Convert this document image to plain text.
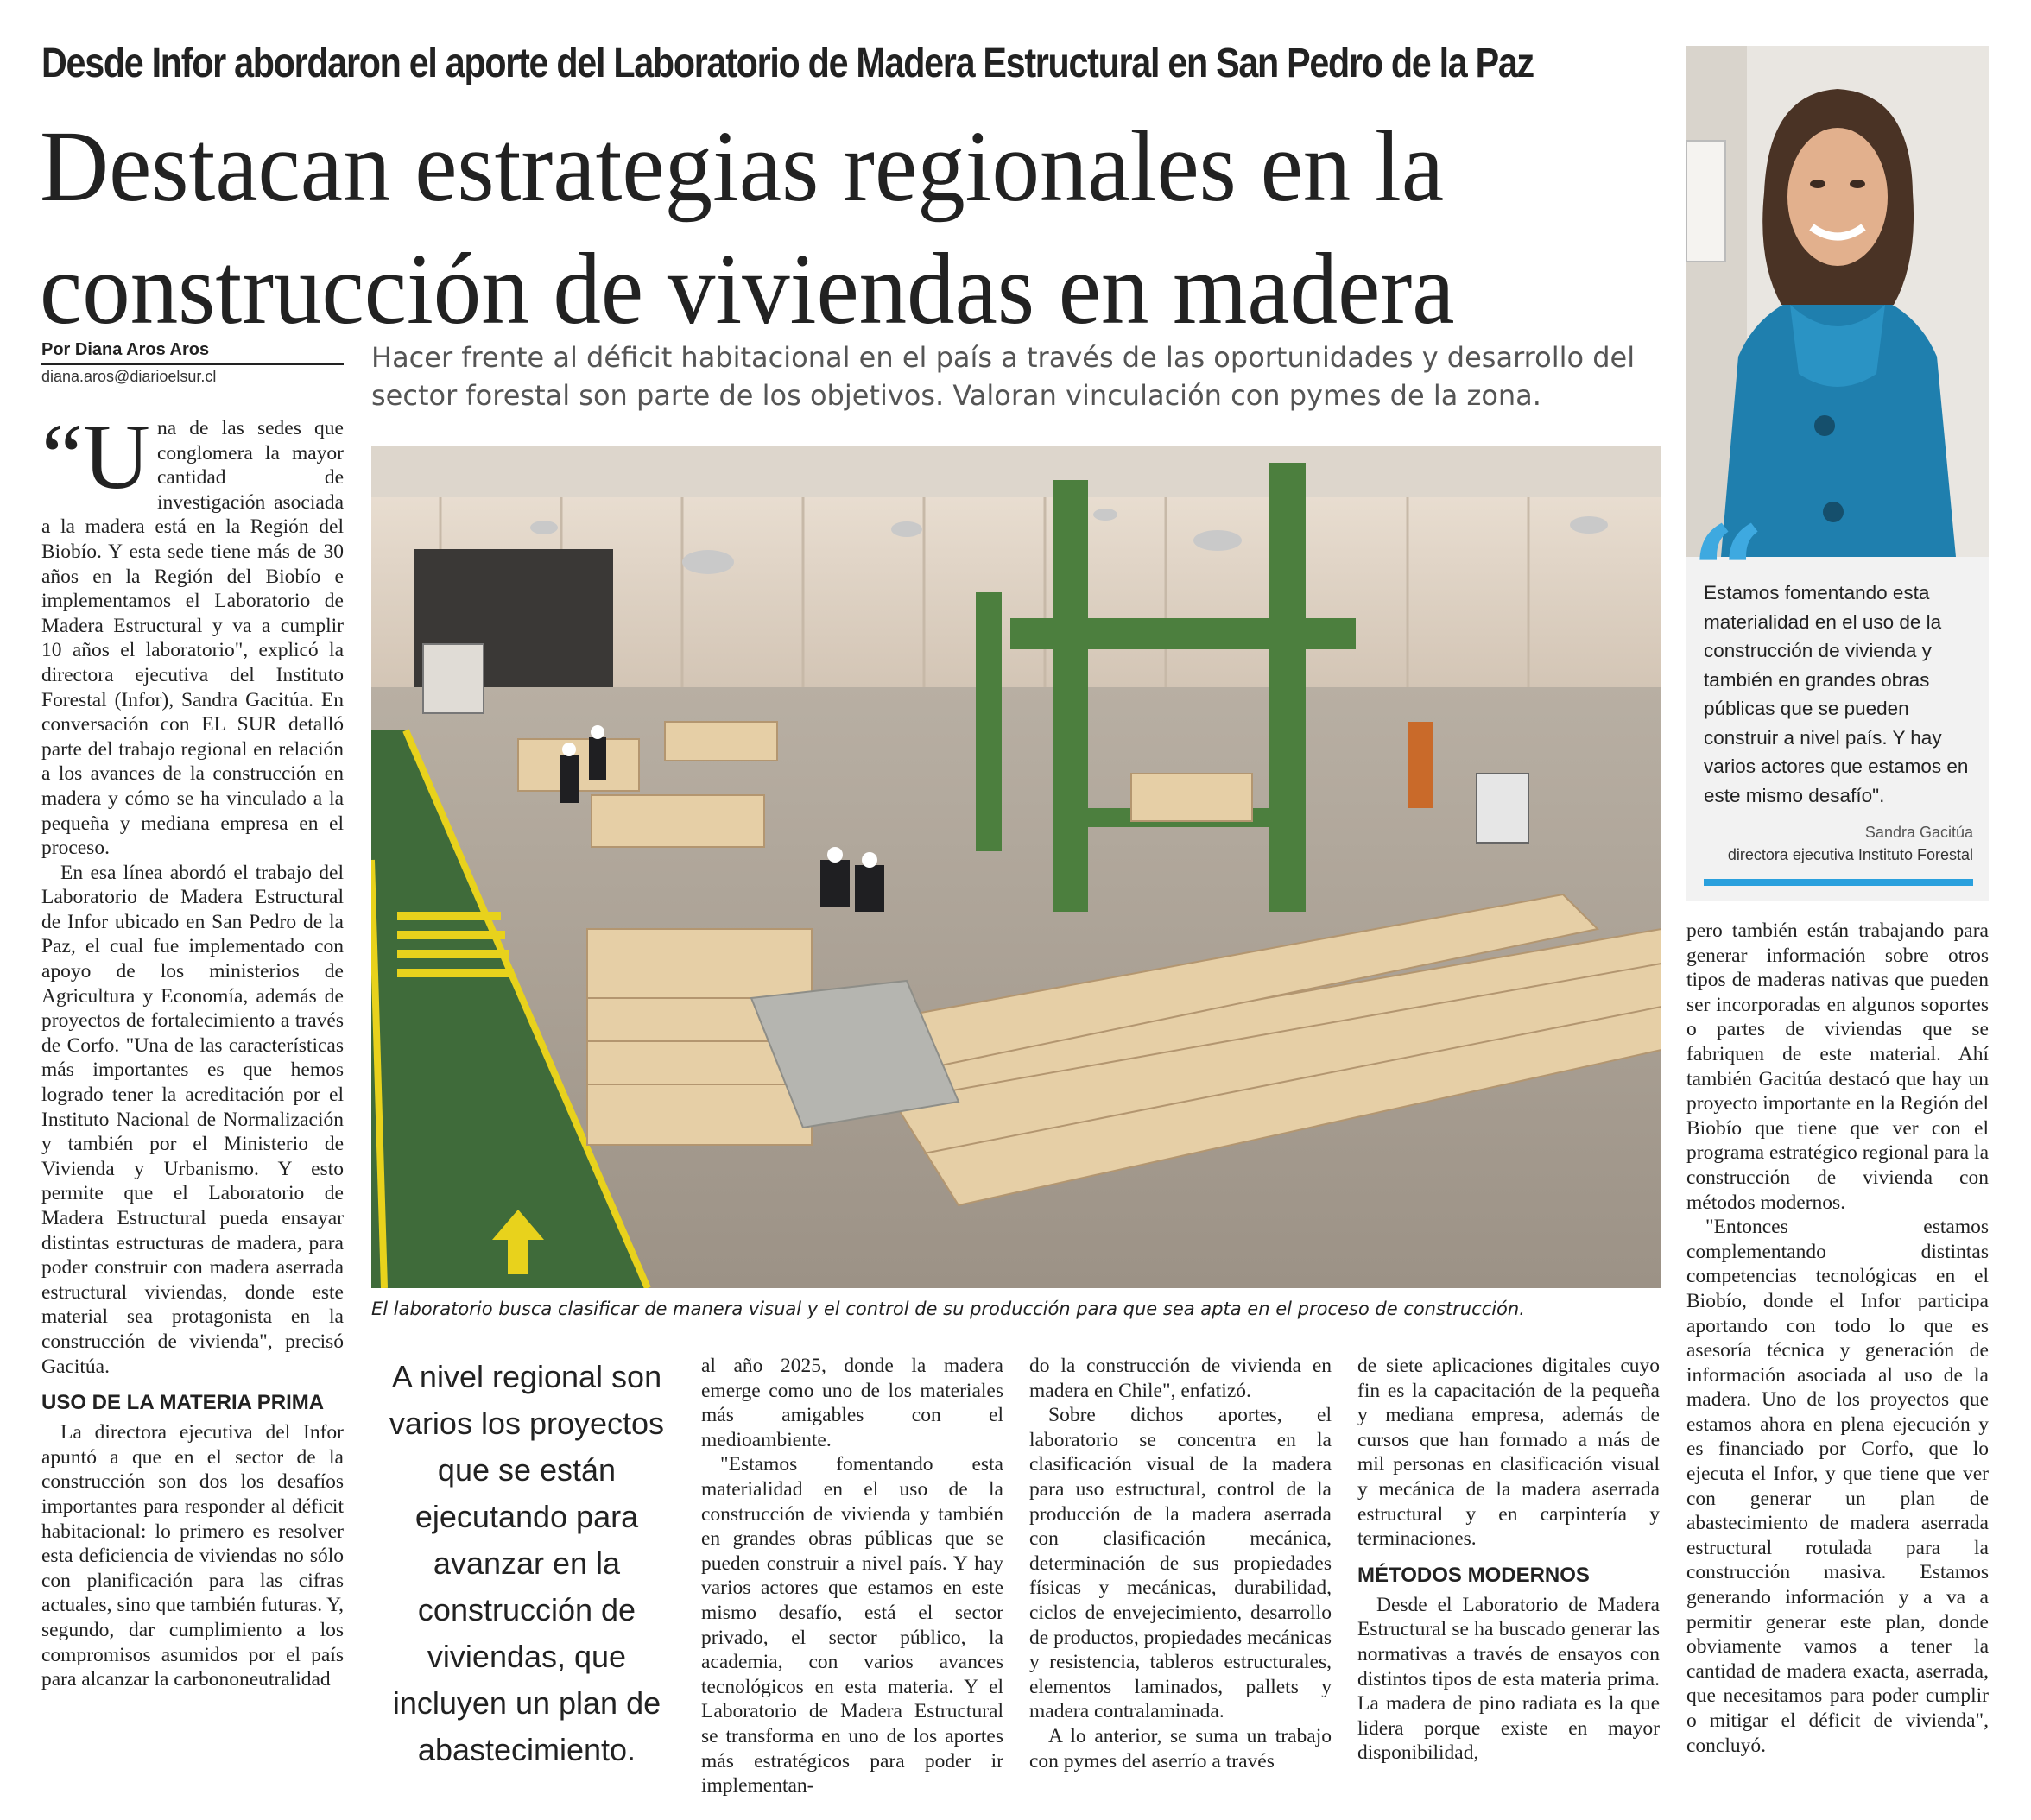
Desde Infor abordaron el aporte del Laboratorio de Madera Estructural en San Pedro de la Paz
Destacan estrategias regionales en la construcción de viviendas en madera
Por Diana Aros Aros
diana.aros@diarioelsur.cl
Hacer frente al déficit habitacional en el país a través de las oportunidades y desarrollo del sector forestal son parte de los objetivos. Valoran vinculación con pymes de la zona.
“U na de las sedes que conglomera la mayor cantidad de investigación asociada a la madera está en la Región del Biobío. Y esta sede tiene más de 30 años en la Región del Biobío e implementamos el Laboratorio de Madera Estructural y va a cumplir 10 años el laboratorio", explicó la directora ejecutiva del Instituto Forestal (Infor), Sandra Gacitúa. En conversación con EL SUR detalló parte del trabajo regional en relación a los avances de la construcción en madera y cómo se ha vinculado a la pequeña y mediana empresa en el proceso.

En esa línea abordó el trabajo del Laboratorio de Madera Estructural de Infor ubicado en San Pedro de la Paz, el cual fue implementado con apoyo de los ministerios de Agricultura y Economía, además de proyectos de fortalecimiento a través de Corfo. "Una de las características más importantes es que hemos logrado tener la acreditación por el Instituto Nacional de Normalización y también por el Ministerio de Vivienda y Urbanismo. Y esto permite que el Laboratorio de Madera Estructural pueda ensayar distintas estructuras de madera, para poder construir con madera aserrada estructural viviendas, donde este material sea protagonista en la construcción de vivienda", precisó Gacitúa.

USO DE LA MATERIA PRIMA

La directora ejecutiva del Infor apuntó a que en el sector de la construcción son dos los desafíos importantes para responder al déficit habitacional: lo primero es resolver esta deficiencia de viviendas no sólo con planificación para las cifras actuales, sino que también futuras. Y, segundo, dar cumplimiento a los compromisos asumidos por el país para alcanzar la carbononeutralidad

El laboratorio busca clasificar de manera visual y el control de su producción para que sea apta en el proceso de construcción.
A nivel regional son varios los proyectos que se están ejecutando para avanzar en la construcción de viviendas, que incluyen un plan de abastecimiento.

al año 2025, donde la madera emerge como uno de los materiales más amigables con el medioambiente.

"Estamos fomentando esta materialidad en el uso de la construcción de vivienda y también en grandes obras públicas que se pueden construir a nivel país. Y hay varios actores que estamos en este mismo desafío, está el sector privado, el sector público, la academia, con varios avances tecnológicos en esta materia. Y el Laboratorio de Madera Estructural se transforma en uno de los aportes más estratégicos para poder ir implementan-

do la construcción de vivienda en madera en Chile", enfatizó.

Sobre dichos aportes, el laboratorio se concentra en la clasificación visual de la madera para uso estructural, control de la producción de la madera aserrada con clasificación mecánica, determinación de sus propiedades físicas y mecánicas, durabilidad, ciclos de envejecimiento, desarrollo de productos, propiedades mecánicas y resistencia, tableros estructurales, elementos laminados, pallets y madera contralaminada.

A lo anterior, se suma un trabajo con pymes del aserrío a través

de siete aplicaciones digitales cuyo fin es la capacitación de la pequeña y mediana empresa, además de cursos que han formado a más de mil personas en clasificación visual y mecánica de la madera aserrada estructural y en carpintería y terminaciones.

MÉTODOS MODERNOS

Desde el Laboratorio de Madera Estructural se ha buscado generar las normativas a través de ensayos con distintos tipos de esta materia prima. La madera de pino radiata es la que lidera porque existe en mayor disponibilidad,

pero también están trabajando para generar información sobre otros tipos de maderas nativas que pueden ser incorporadas en algunos soportes o partes de viviendas que se fabriquen de este material. Ahí también Gacitúa destacó que hay un proyecto importante en la Región del Biobío que tiene que ver con el programa estratégico regional para la construcción de vivienda con métodos modernos.

"Entonces estamos complementando distintas competencias tecnológicas en el Biobío, donde el Infor participa aportando con todo lo que es asesoría técnica y generación de información asociada al uso de la madera. Uno de los proyectos que estamos ahora en plena ejecución y es financiado por Corfo, que lo ejecuta el Infor, y que tiene que ver con generar un plan de abastecimiento de madera aserrada estructural rotulada para la construcción masiva. Estamos generando información y a va a permitir generar este plan, donde obviamente vamos a tener la cantidad de madera exacta, aserrada, que necesitamos para poder cumplir o mitigar el déficit de vivienda", concluyó.

“
Estamos fomentando esta materialidad en el uso de la construcción de vivienda y también en grandes obras públicas que se pueden construir a nivel país. Y hay varios actores que estamos en este mismo desafío".
Sandra Gacitúa
directora ejecutiva Instituto Forestal
